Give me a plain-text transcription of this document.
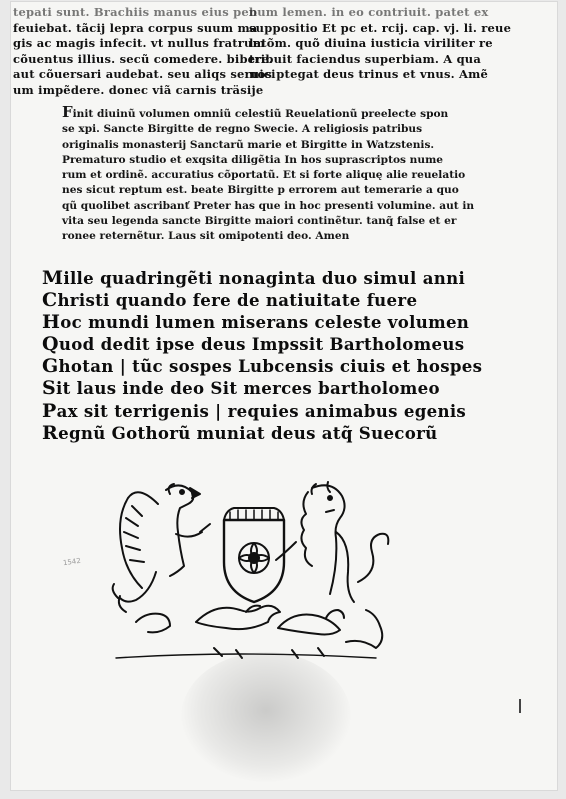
tepati sunt. Brachiis manus eius pen
feuiebat. tãcij lepra corpus suum ma
gis ac magis infecit. vt nullus fratrum
cõuentus illius. secũ comedere. bibere.
aut cõuersari audebat. seu aliqs seruici
um impẽdere. donec viã carnis träsije
bum lemen. in eo contriuit. patet ex
suppositio Et pc et. rcij. cap. vj. li. reue
latõm. quõ diuina iusticia viriliter re
tribuit faciendus superbiam. A qua
nos ptegat deus trinus et vnus. Amẽ
Finit diuinũ volumen omniũ celestiũ Reuelationũ preelecte spon
se xpi. Sancte Birgitte de regno Swecie. A religiosis patribus
originalis monasterij Sanctarũ marie et Birgitte in Watzstenis.
Prematuro studio et exqsita diligẽtia In hos suprascriptos nume
rum et ordinẽ. accuratius cõportatũ. Et si forte aliquę alie reuelatio
nes sicut reptum est. beate Birgitte p errorem aut temerarie a quo
qũ quolibet ascribanť Preter has que in hoc presenti volumine. aut in
vita seu legenda sancte Birgitte maiori continẽtur. tanq̃ false et er
ronee reternẽtur. Laus sit omipotenti deo. Amen
Mille quadringẽti nonaginta duo simul anni
Christi quando fere de natiuitate fuere
Hoc mundi lumen miserans celeste volumen
Quod dedit ipse deus Impssit Bartholomeus
Ghotan | tũc sospes Lubcensis ciuis et hospes
Sit laus inde deo Sit merces bartholomeo
Pax sit terrigenis | requies animabus egenis
Regnũ Gothorũ muniat deus atq̃ Suecorũ
1542
